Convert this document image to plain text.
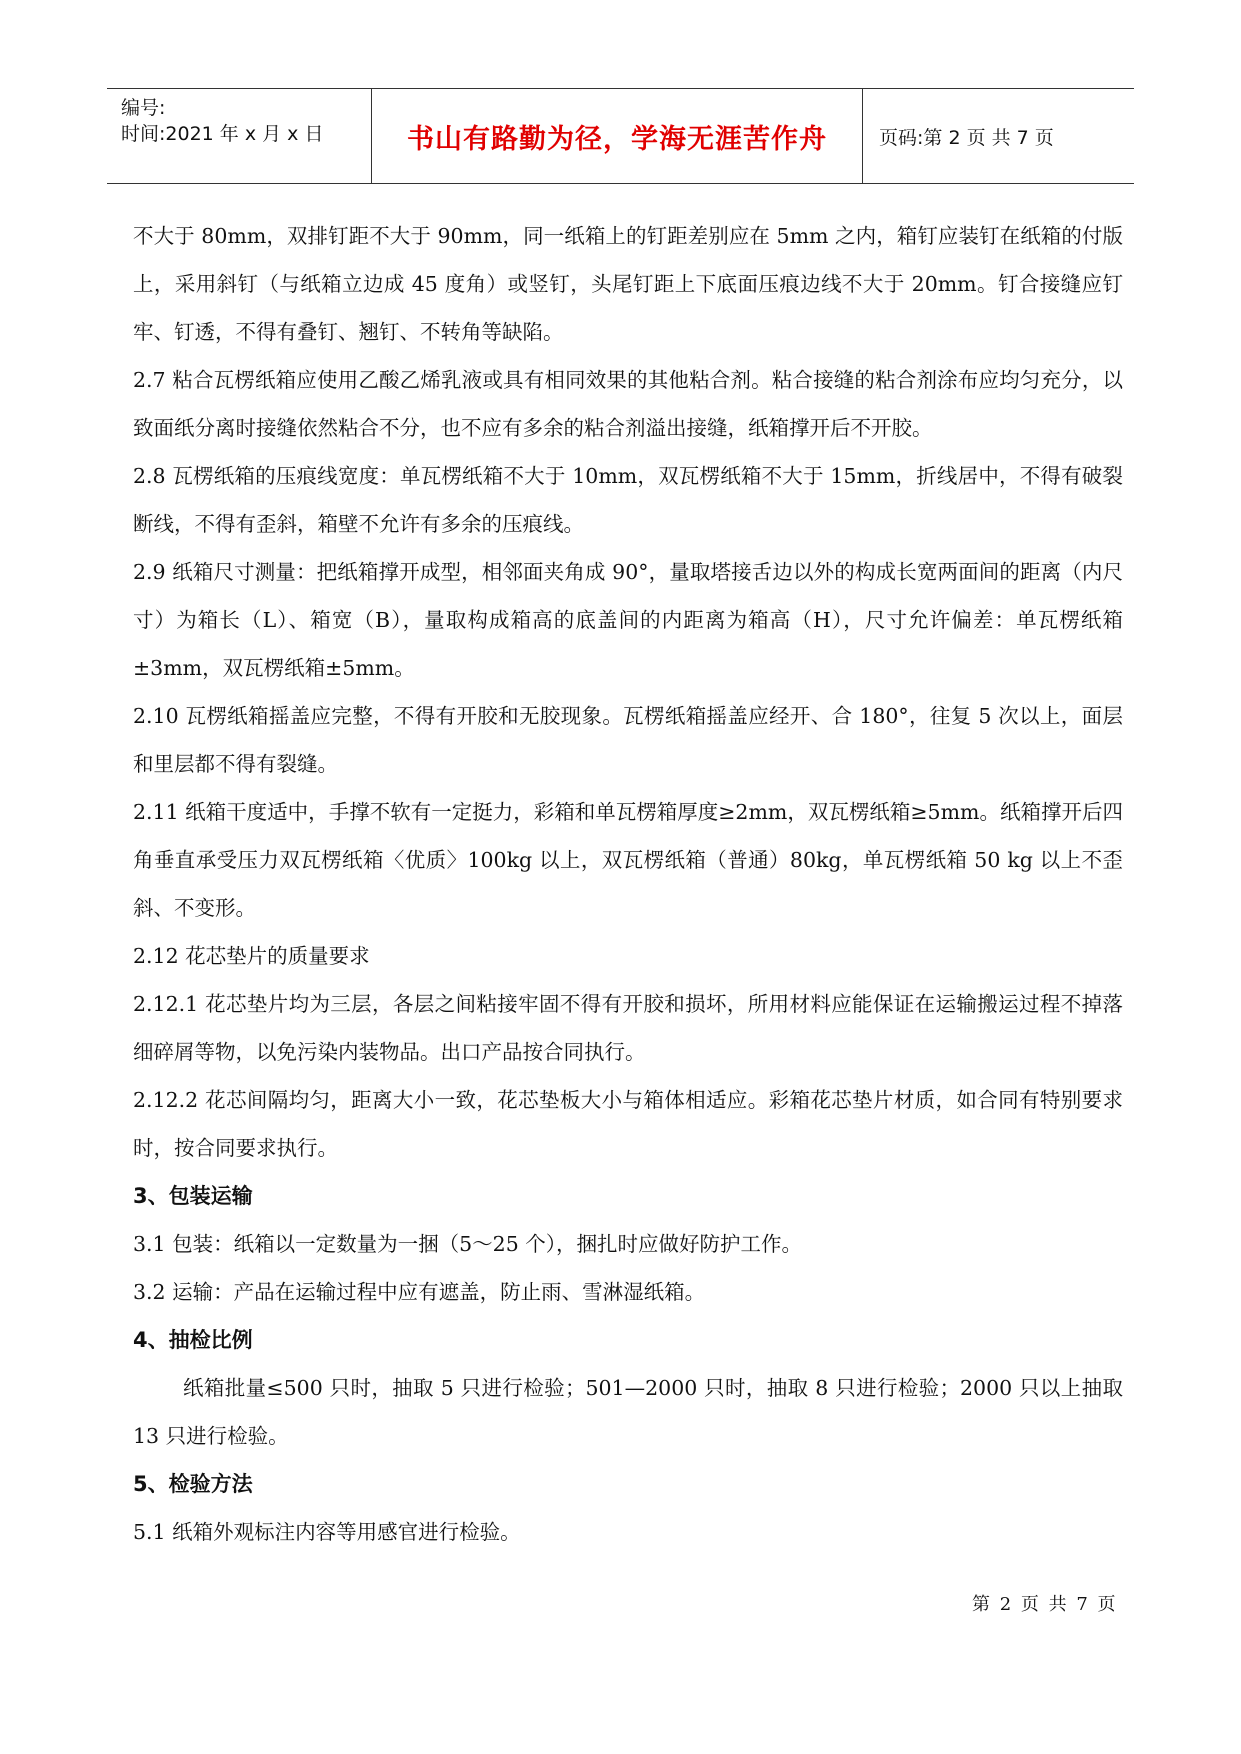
编号:
时间:2021 年 x 月 x 日	书山有路勤为径，学海无涯苦作舟	页码:第 2 页 共 7 页

不大于 80mm，双排钉距不大于 90mm，同一纸箱上的钉距差别应在 5mm 之内，箱钉应装钉在纸箱的付版上，采用斜钉（与纸箱立边成 45 度角）或竖钉，头尾钉距上下底面压痕边线不大于 20mm。钉合接缝应钉牢、钉透，不得有叠钉、翘钉、不转角等缺陷。

2.7 粘合瓦楞纸箱应使用乙酸乙烯乳液或具有相同效果的其他粘合剂。粘合接缝的粘合剂涂布应均匀充分，以致面纸分离时接缝依然粘合不分，也不应有多余的粘合剂溢出接缝，纸箱撑开后不开胶。

2.8 瓦楞纸箱的压痕线宽度：单瓦楞纸箱不大于 10mm，双瓦楞纸箱不大于 15mm，折线居中，不得有破裂断线，不得有歪斜，箱壁不允许有多余的压痕线。

2.9 纸箱尺寸测量：把纸箱撑开成型，相邻面夹角成 90°，量取塔接舌边以外的构成长宽两面间的距离（内尺寸）为箱长（L）、箱宽（B），量取构成箱高的底盖间的内距离为箱高（H），尺寸允许偏差：单瓦楞纸箱±3mm，双瓦楞纸箱±5mm。

2.10 瓦楞纸箱摇盖应完整，不得有开胶和无胶现象。瓦楞纸箱摇盖应经开、合 180°，往复 5 次以上，面层和里层都不得有裂缝。

2.11 纸箱干度适中，手撑不软有一定挺力，彩箱和单瓦楞箱厚度≥2mm，双瓦楞纸箱≥5mm。纸箱撑开后四角垂直承受压力双瓦楞纸箱〈优质〉100kg 以上，双瓦楞纸箱（普通）80kg，单瓦楞纸箱 50 kg 以上不歪斜、不变形。

2.12 花芯垫片的质量要求

2.12.1 花芯垫片均为三层，各层之间粘接牢固不得有开胶和损坏，所用材料应能保证在运输搬运过程不掉落细碎屑等物，以免污染内装物品。出口产品按合同执行。

2.12.2 花芯间隔均匀，距离大小一致，花芯垫板大小与箱体相适应。彩箱花芯垫片材质，如合同有特别要求时，按合同要求执行。

3、包装运输

3.1 包装：纸箱以一定数量为一捆（5～25 个），捆扎时应做好防护工作。

3.2 运输：产品在运输过程中应有遮盖，防止雨、雪淋湿纸箱。

4、抽检比例

纸箱批量≤500 只时，抽取 5 只进行检验；501—2000 只时，抽取 8 只进行检验；2000 只以上抽取 13 只进行检验。

5、检验方法

5.1 纸箱外观标注内容等用感官进行检验。

第 2 页 共 7 页
